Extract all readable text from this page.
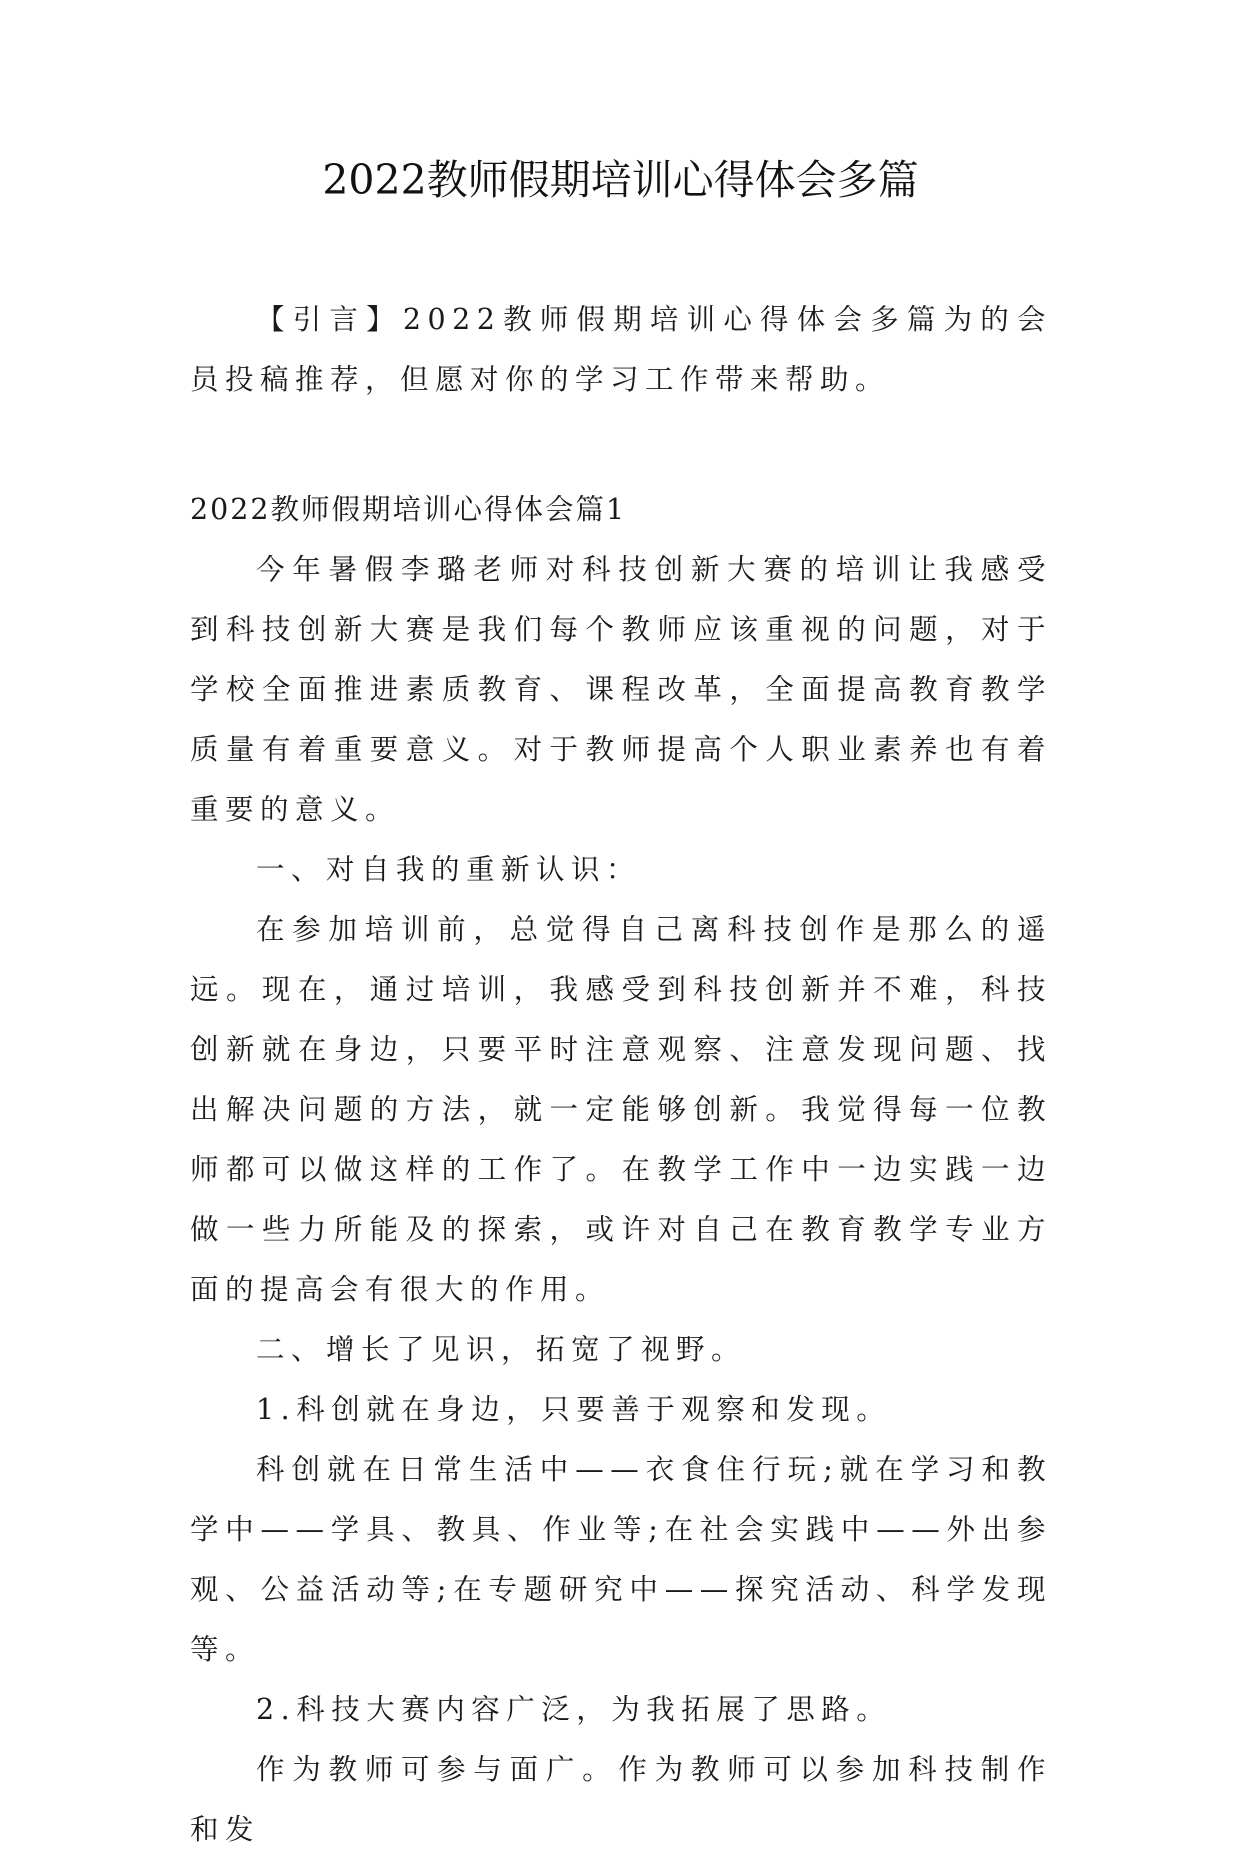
2022教师假期培训心得体会多篇

【引言】2022教师假期培训心得体会多篇为的会员投稿推荐，但愿对你的学习工作带来帮助。

2022教师假期培训心得体会篇1

今年暑假李璐老师对科技创新大赛的培训让我感受到科技创新大赛是我们每个教师应该重视的问题，对于学校全面推进素质教育、课程改革，全面提高教育教学质量有着重要意义。对于教师提高个人职业素养也有着重要的意义。

一、对自我的重新认识：

在参加培训前，总觉得自己离科技创作是那么的遥远。现在，通过培训，我感受到科技创新并不难，科技创新就在身边，只要平时注意观察、注意发现问题、找出解决问题的方法，就一定能够创新。我觉得每一位教师都可以做这样的工作了。在教学工作中一边实践一边做一些力所能及的探索，或许对自己在教育教学专业方面的提高会有很大的作用。

二、增长了见识，拓宽了视野。

1.科创就在身边，只要善于观察和发现。

科创就在日常生活中——衣食住行玩;就在学习和教学中——学具、教具、作业等;在社会实践中——外出参观、公益活动等;在专题研究中——探究活动、科学发现等。

2.科技大赛内容广泛，为我拓展了思路。

作为教师可参与面广。作为教师可以参加科技制作和发
